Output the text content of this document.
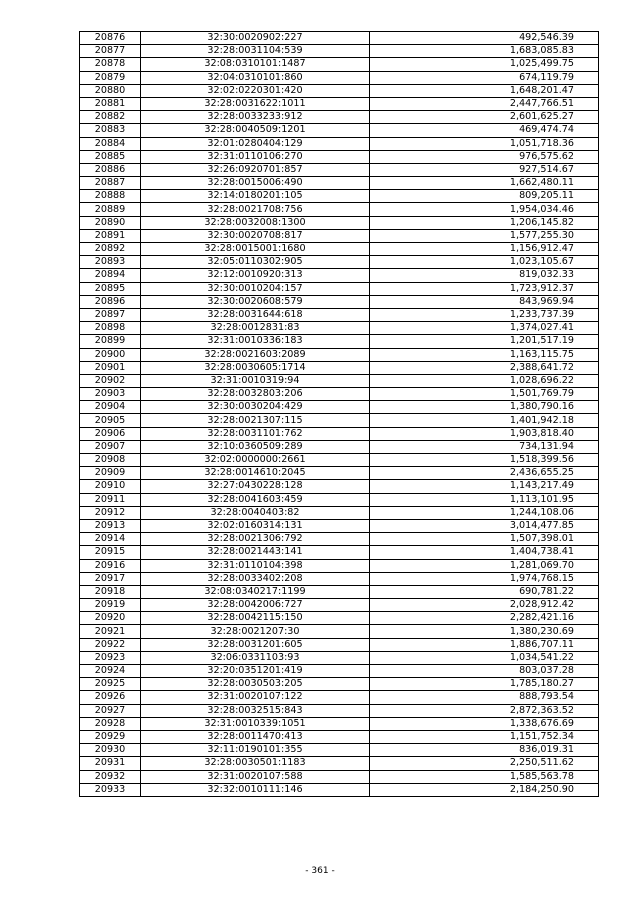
20876	32:30:0020902:227	492,546.39
20877	32:28:0031104:539	1,683,085.83
20878	32:08:0310101:1487	1,025,499.75
20879	32:04:0310101:860	674,119.79
20880	32:02:0220301:420	1,648,201.47
20881	32:28:0031622:1011	2,447,766.51
20882	32:28:0033233:912	2,601,625.27
20883	32:28:0040509:1201	469,474.74
20884	32:01:0280404:129	1,051,718.36
20885	32:31:0110106:270	976,575.62
20886	32:26:0920701:857	927,514.67
20887	32:28:0015006:490	1,662,480.11
20888	32:14:0180201:105	809,205.11
20889	32:28:0021708:756	1,954,034.46
20890	32:28:0032008:1300	1,206,145.82
20891	32:30:0020708:817	1,577,255.30
20892	32:28:0015001:1680	1,156,912.47
20893	32:05:0110302:905	1,023,105.67
20894	32:12:0010920:313	819,032.33
20895	32:30:0010204:157	1,723,912.37
20896	32:30:0020608:579	843,969.94
20897	32:28:0031644:618	1,233,737.39
20898	32:28:0012831:83	1,374,027.41
20899	32:31:0010336:183	1,201,517.19
20900	32:28:0021603:2089	1,163,115.75
20901	32:28:0030605:1714	2,388,641.72
20902	32:31:0010319:94	1,028,696.22
20903	32:28:0032803:206	1,501,769.79
20904	32:30:0030204:429	1,380,790.16
20905	32:28:0021307:115	1,401,942.18
20906	32:28:0031101:762	1,903,818.40
20907	32:10:0360509:289	734,131.94
20908	32:02:0000000:2661	1,518,399.56
20909	32:28:0014610:2045	2,436,655.25
20910	32:27:0430228:128	1,143,217.49
20911	32:28:0041603:459	1,113,101.95
20912	32:28:0040403:82	1,244,108.06
20913	32:02:0160314:131	3,014,477.85
20914	32:28:0021306:792	1,507,398.01
20915	32:28:0021443:141	1,404,738.41
20916	32:31:0110104:398	1,281,069.70
20917	32:28:0033402:208	1,974,768.15
20918	32:08:0340217:1199	690,781.22
20919	32:28:0042006:727	2,028,912.42
20920	32:28:0042115:150	2,282,421.16
20921	32:28:0021207:30	1,380,230.69
20922	32:28:0031201:605	1,886,707.11
20923	32:06:0331103:93	1,034,541.22
20924	32:20:0351201:419	803,037.28
20925	32:28:0030503:205	1,785,180.27
20926	32:31:0020107:122	888,793.54
20927	32:28:0032515:843	2,872,363.52
20928	32:31:0010339:1051	1,338,676.69
20929	32:28:0011470:413	1,151,752.34
20930	32:11:0190101:355	836,019.31
20931	32:28:0030501:1183	2,250,511.62
20932	32:31:0020107:588	1,585,563.78
20933	32:32:0010111:146	2,184,250.90
- 361 -
